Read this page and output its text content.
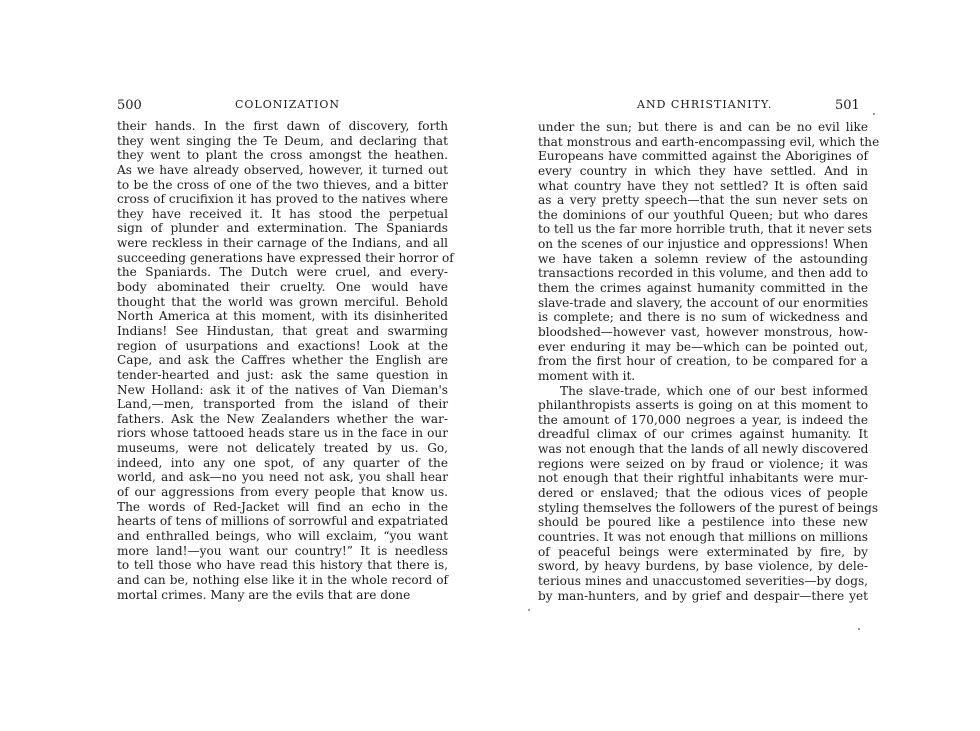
500	COLONIZATION
their hands. In the first dawn of discovery, forth
they went singing the Te Deum, and declaring that
they went to plant the cross amongst the heathen.
As we have already observed, however, it turned out
to be the cross of one of the two thieves, and a bitter
cross of crucifixion it has proved to the natives where
they have received it. It has stood the perpetual
sign of plunder and extermination. The Spaniards
were reckless in their carnage of the Indians, and all
succeeding generations have expressed their horror of
the Spaniards. The Dutch were cruel, and every-
body abominated their cruelty. One would have
thought that the world was grown merciful. Behold
North America at this moment, with its disinherited
Indians! See Hindustan, that great and swarming
region of usurpations and exactions! Look at the
Cape, and ask the Caffres whether the English are
tender-hearted and just: ask the same question in
New Holland: ask it of the natives of Van Dieman's
Land,—men, transported from the island of their
fathers. Ask the New Zealanders whether the war-
riors whose tattooed heads stare us in the face in our
museums, were not delicately treated by us. Go,
indeed, into any one spot, of any quarter of the
world, and ask—no you need not ask, you shall hear
of our aggressions from every people that know us.
The words of Red-Jacket will find an echo in the
hearts of tens of millions of sorrowful and expatriated
and enthralled beings, who will exclaim, “you want
more land!—you want our country!” It is needless
to tell those who have read this history that there is,
and can be, nothing else like it in the whole record of
mortal crimes. Many are the evils that are done
AND CHRISTIANITY.	501
under the sun; but there is and can be no evil like
that monstrous and earth-encompassing evil, which the
Europeans have committed against the Aborigines of
every country in which they have settled. And in
what country have they not settled? It is often said
as a very pretty speech—that the sun never sets on
the dominions of our youthful Queen; but who dares
to tell us the far more horrible truth, that it never sets
on the scenes of our injustice and oppressions! When
we have taken a solemn review of the astounding
transactions recorded in this volume, and then add to
them the crimes against humanity committed in the
slave-trade and slavery, the account of our enormities
is complete; and there is no sum of wickedness and
bloodshed—however vast, however monstrous, how-
ever enduring it may be—which can be pointed out,
from the first hour of creation, to be compared for a
moment with it.
The slave-trade, which one of our best informed
philanthropists asserts is going on at this moment to
the amount of 170,000 negroes a year, is indeed the
dreadful climax of our crimes against humanity. It
was not enough that the lands of all newly discovered
regions were seized on by fraud or violence; it was
not enough that their rightful inhabitants were mur-
dered or enslaved; that the odious vices of people
styling themselves the followers of the purest of beings
should be poured like a pestilence into these new
countries. It was not enough that millions on millions
of peaceful beings were exterminated by fire, by
sword, by heavy burdens, by base violence, by dele-
terious mines and unaccustomed severities—by dogs,
by man-hunters, and by grief and despair—there yet
